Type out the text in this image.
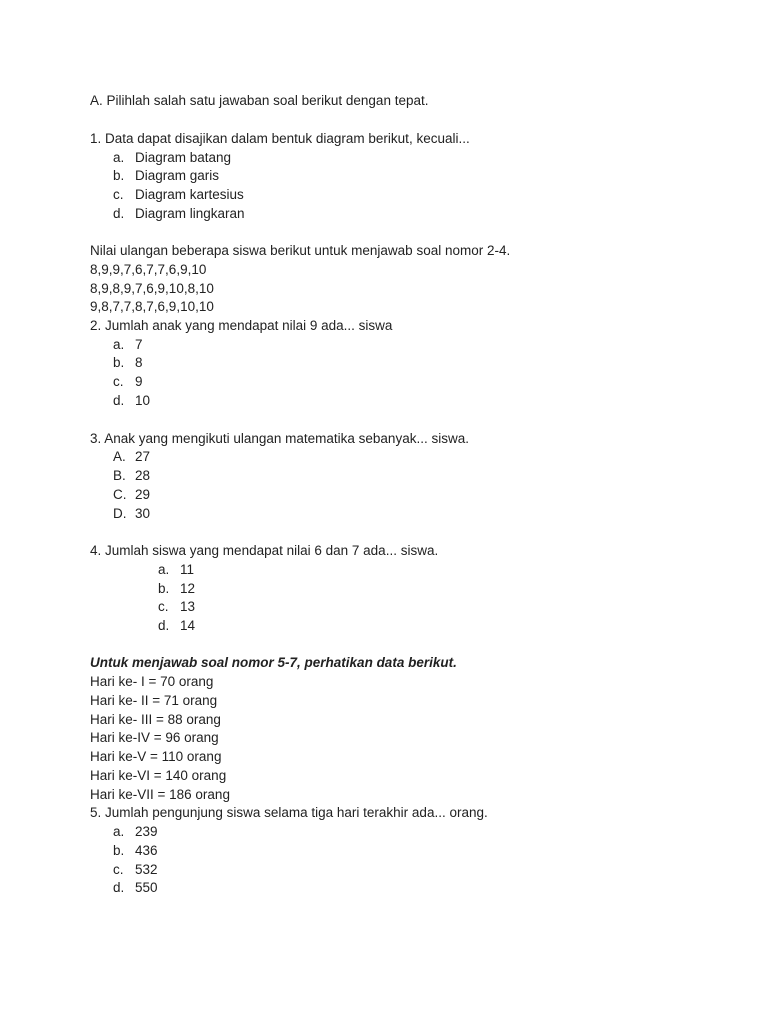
A. Pilihlah salah satu jawaban soal berikut dengan tepat.
1. Data dapat disajikan dalam bentuk diagram berikut, kecuali...
a. Diagram batang
b. Diagram garis
c. Diagram kartesius
d. Diagram lingkaran
Nilai ulangan beberapa siswa berikut untuk menjawab soal nomor 2-4.
8,9,9,7,6,7,7,6,9,10
8,9,8,9,7,6,9,10,8,10
9,8,7,7,8,7,6,9,10,10
2. Jumlah anak yang mendapat nilai 9 ada... siswa
a. 7
b. 8
c. 9
d. 10
3. Anak yang mengikuti ulangan matematika sebanyak... siswa.
A. 27
B. 28
C. 29
D. 30
4. Jumlah siswa yang mendapat nilai 6 dan 7 ada... siswa.
a. 11
b. 12
c. 13
d. 14
Untuk menjawab soal nomor 5-7, perhatikan data berikut.
Hari ke- I = 70 orang
Hari ke- II = 71 orang
Hari ke- III = 88 orang
Hari ke-IV = 96 orang
Hari ke-V = 110 orang
Hari ke-VI = 140 orang
Hari ke-VII = 186 orang
5. Jumlah pengunjung siswa selama tiga hari terakhir ada... orang.
a. 239
b. 436
c. 532
d. 550
